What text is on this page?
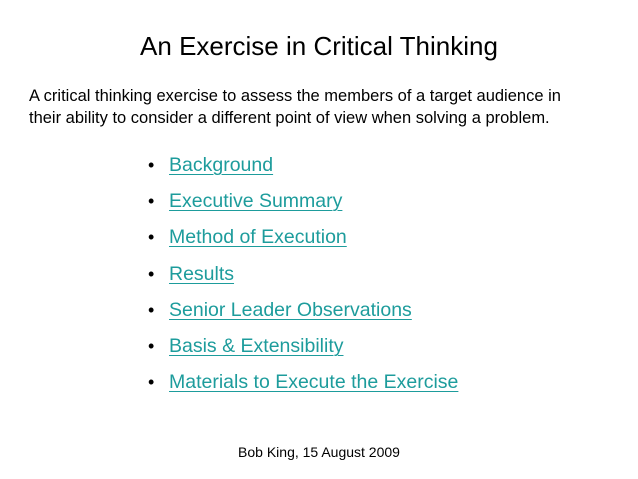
An Exercise in Critical Thinking
A critical thinking exercise to assess the members of a target audience in
their ability to consider a different point of view when solving a problem.
• Background
• Executive Summary
• Method of Execution
• Results
• Senior Leader Observations
• Basis & Extensibility
• Materials to Execute the Exercise
Bob King, 15 August 2009
